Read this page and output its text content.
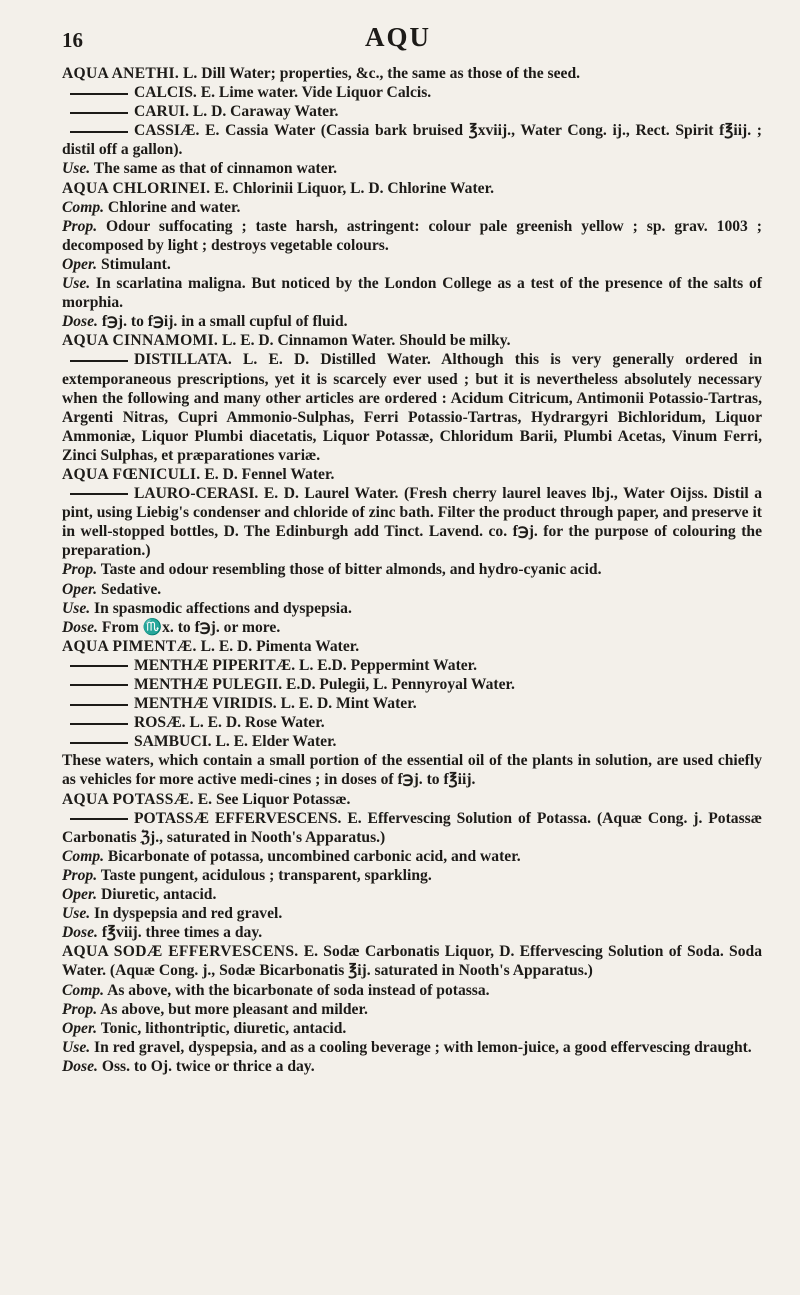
16	AQU
AQUA ANETHI. L. Dill Water; properties, &c., the same as those of the seed.
CALCIS. E. Lime water. Vide Liquor Calcis.
CARUI. L. D. Caraway Water.
CASSIÆ. E. Cassia Water (Cassia bark bruised ℥xviij., Water Cong. ij., Rect. Spirit f℥iij. ; distil off a gallon).
Use. The same as that of cinnamon water.
AQUA CHLORINEI. E. Chlorinii Liquor, L. D. Chlorine Water.
Comp. Chlorine and water.
Prop. Odour suffocating ; taste harsh, astringent: colour pale greenish yellow ; sp. grav. 1003 ; decomposed by light ; destroys vegetable colours.
Oper. Stimulant.
Use. In scarlatina maligna. But noticed by the London College as a test of the presence of the salts of morphia.
Dose. f℈j. to f℈ij. in a small cupful of fluid.
AQUA CINNAMOMI. L. E. D. Cinnamon Water. Should be milky.
DISTILLATA. L. E. D. Distilled Water. Although this is very generally ordered in extemporaneous prescriptions, yet it is scarcely ever used ; but it is nevertheless absolutely necessary when the following and many other articles are ordered : Acidum Citricum, Antimonii Potassio-Tartras, Argenti Nitras, Cupri Ammonio-Sulphas, Ferri Potassio-Tartras, Hydrargyri Bichloridum, Liquor Ammoniæ, Liquor Plumbi diacetatis, Liquor Potassæ, Chloridum Barii, Plumbi Acetas, Vinum Ferri, Zinci Sulphas, et præparationes variæ.
AQUA FŒNICULI. E. D. Fennel Water.
LAURO-CERASI. E. D. Laurel Water. (Fresh cherry laurel leaves lbj., Water Oijss. Distil a pint, using Liebig's condenser and chloride of zinc bath. Filter the product through paper, and preserve it in well-stopped bottles, D. The Edinburgh add Tinct. Lavend. co. f℈j. for the purpose of colouring the preparation.)
Prop. Taste and odour resembling those of bitter almonds, and hydro-cyanic acid.
Oper. Sedative.
Use. In spasmodic affections and dyspepsia.
Dose. From ♏x. to f℈j. or more.
AQUA PIMENTÆ. L. E. D. Pimenta Water.
MENTHÆ PIPERITÆ. L. E.D. Peppermint Water.
MENTHÆ PULEGII. E.D. Pulegii, L. Pennyroyal Water.
MENTHÆ VIRIDIS. L. E. D. Mint Water.
ROSÆ. L. E. D. Rose Water.
SAMBUCI. L. E. Elder Water.
These waters, which contain a small portion of the essential oil of the plants in solution, are used chiefly as vehicles for more active medi-cines ; in doses of f℈j. to f℥iij.
AQUA POTASSÆ. E. See Liquor Potassæ.
POTASSÆ EFFERVESCENS. E. Effervescing Solution of Potassa. (Aquæ Cong. j. Potassæ Carbonatis ℨj., saturated in Nooth's Apparatus.)
Comp. Bicarbonate of potassa, uncombined carbonic acid, and water.
Prop. Taste pungent, acidulous ; transparent, sparkling.
Oper. Diuretic, antacid.
Use. In dyspepsia and red gravel.
Dose. f℥viij. three times a day.
AQUA SODÆ EFFERVESCENS. E. Sodæ Carbonatis Liquor, D. Effervescing Solution of Soda. Soda Water. (Aquæ Cong. j., Sodæ Bicarbonatis ℥ij. saturated in Nooth's Apparatus.)
Comp. As above, with the bicarbonate of soda instead of potassa.
Prop. As above, but more pleasant and milder.
Oper. Tonic, lithontriptic, diuretic, antacid.
Use. In red gravel, dyspepsia, and as a cooling beverage ; with lemon-juice, a good effervescing draught.
Dose. Oss. to Oj. twice or thrice a day.
